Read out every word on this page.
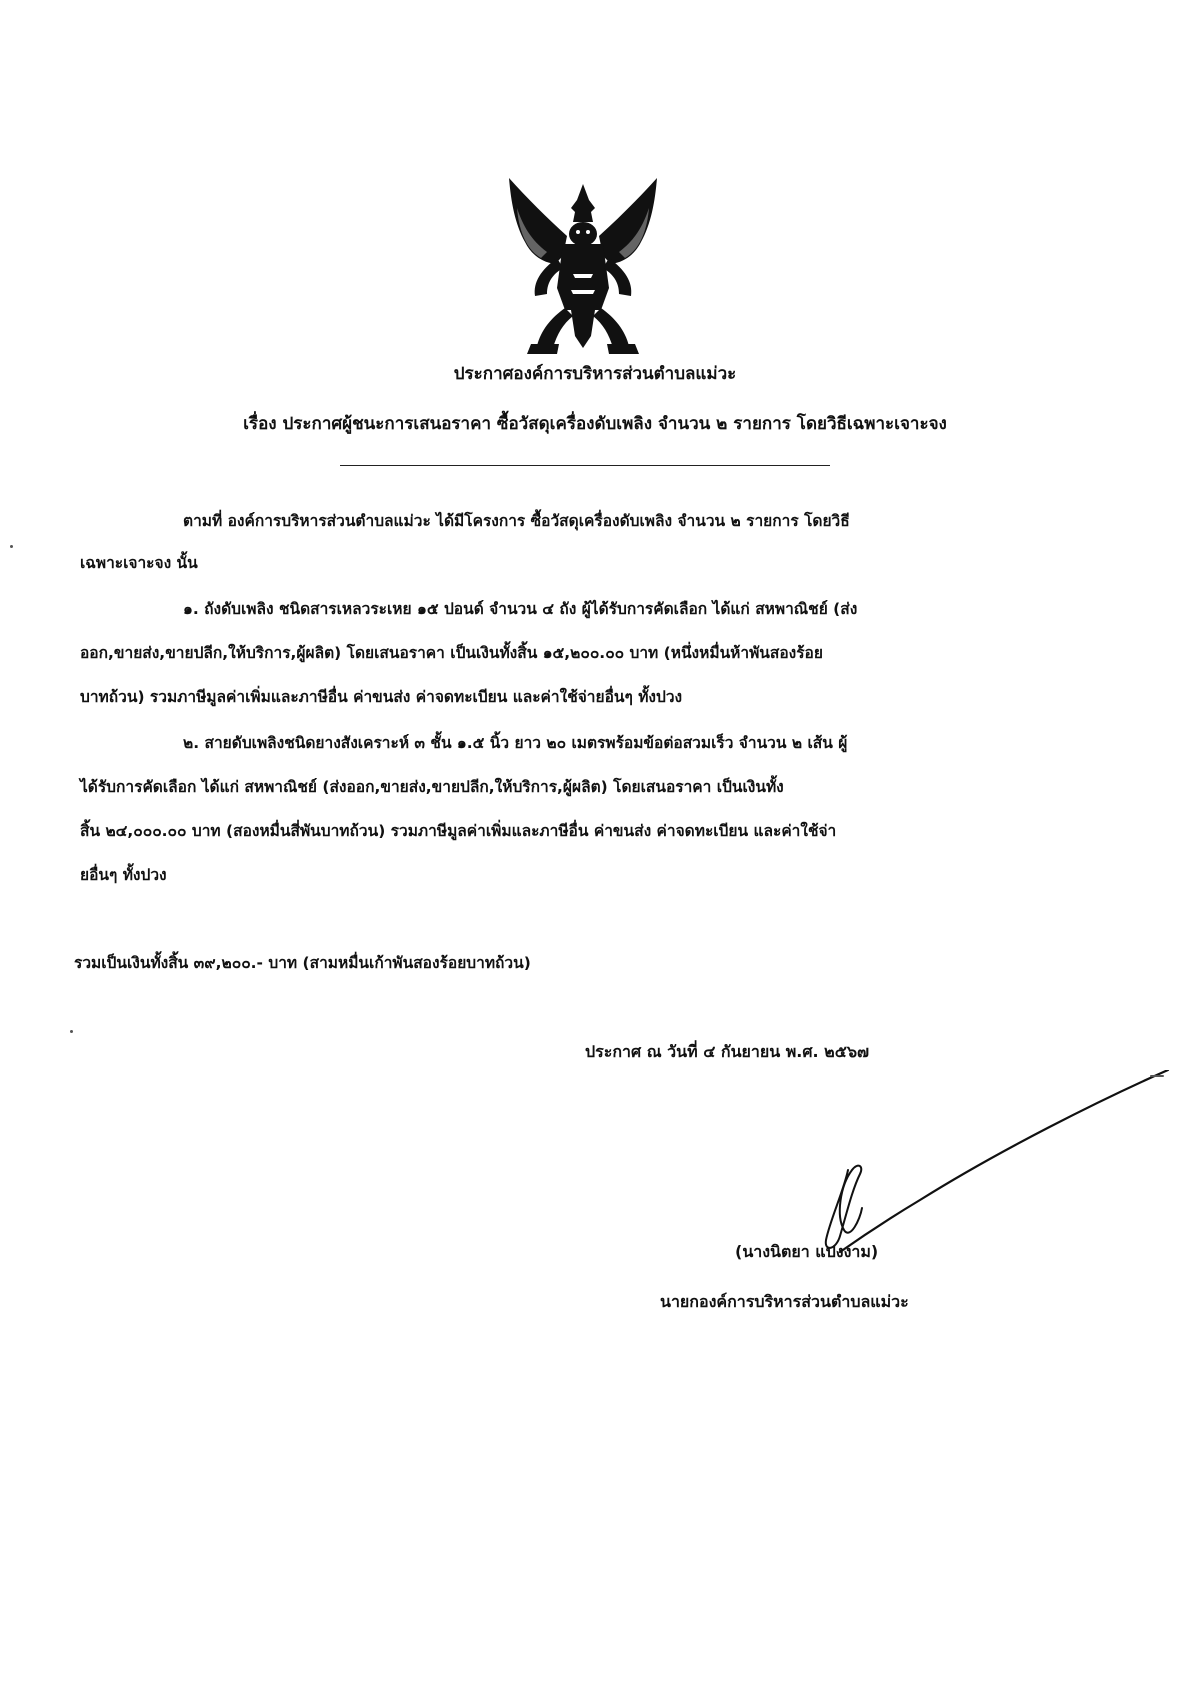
ประกาศองค์การบริหารส่วนตำบลแม่วะ
เรื่อง ประกาศผู้ชนะการเสนอราคา ซื้อวัสดุเครื่องดับเพลิง จำนวน ๒ รายการ โดยวิธีเฉพาะเจาะจง
ตามที่ องค์การบริหารส่วนตำบลแม่วะ ได้มีโครงการ ซื้อวัสดุเครื่องดับเพลิง จำนวน ๒ รายการ โดยวิธี
เฉพาะเจาะจง นั้น
๑. ถังดับเพลิง ชนิดสารเหลวระเหย ๑๕ ปอนด์ จำนวน ๔ ถัง ผู้ได้รับการคัดเลือก ได้แก่ สหพาณิชย์ (ส่ง
ออก,ขายส่ง,ขายปลีก,ให้บริการ,ผู้ผลิต) โดยเสนอราคา เป็นเงินทั้งสิ้น ๑๕,๒๐๐.๐๐ บาท (หนึ่งหมื่นห้าพันสองร้อย
บาทถ้วน) รวมภาษีมูลค่าเพิ่มและภาษีอื่น ค่าขนส่ง ค่าจดทะเบียน และค่าใช้จ่ายอื่นๆ ทั้งปวง
๒. สายดับเพลิงชนิดยางสังเคราะห์ ๓ ชั้น ๑.๕ นิ้ว ยาว ๒๐ เมตรพร้อมข้อต่อสวมเร็ว จำนวน ๒ เส้น ผู้
ได้รับการคัดเลือก ได้แก่ สหพาณิชย์ (ส่งออก,ขายส่ง,ขายปลีก,ให้บริการ,ผู้ผลิต) โดยเสนอราคา เป็นเงินทั้ง
สิ้น ๒๔,๐๐๐.๐๐ บาท (สองหมื่นสี่พันบาทถ้วน) รวมภาษีมูลค่าเพิ่มและภาษีอื่น ค่าขนส่ง ค่าจดทะเบียน และค่าใช้จ่า
ยอื่นๆ ทั้งปวง
รวมเป็นเงินทั้งสิ้น ๓๙,๒๐๐.- บาท (สามหมื่นเก้าพันสองร้อยบาทถ้วน)
ประกาศ ณ วันที่ ๔ กันยายน พ.ศ. ๒๕๖๗
(นางนิตยา แปงงาม)
นายกองค์การบริหารส่วนตำบลแม่วะ
